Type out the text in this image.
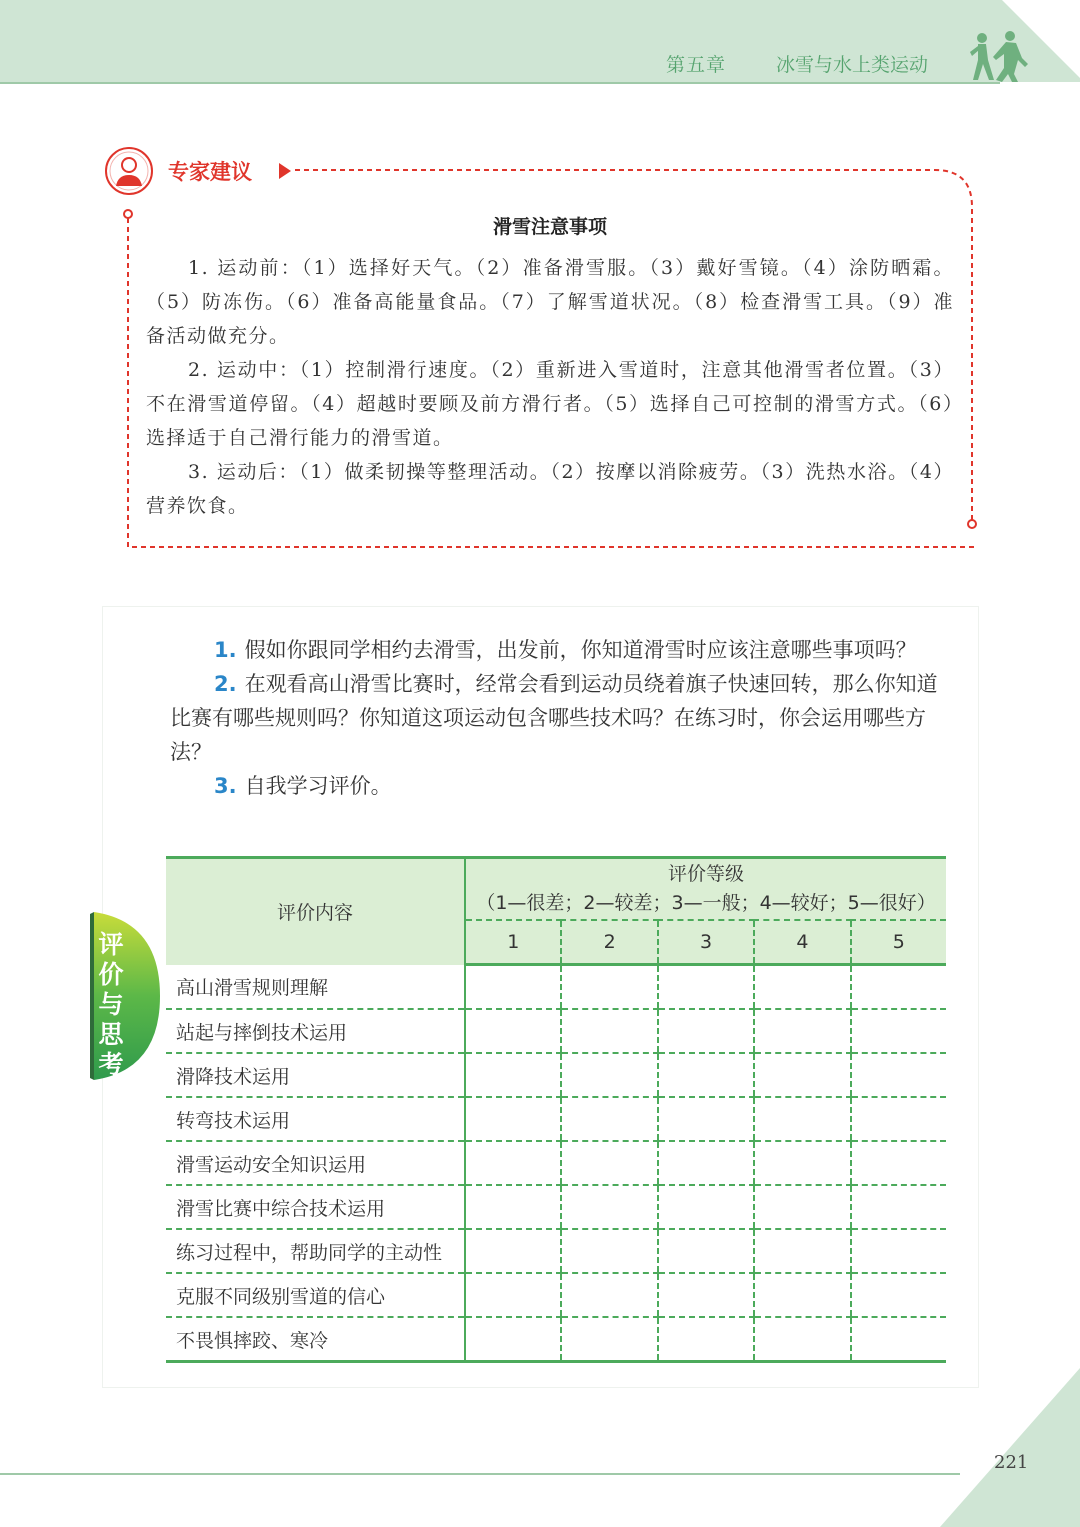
第五章	冰雪与水上类运动
专家建议
滑雪注意事项

1. 运动前：（1）选择好天气。（2）准备滑雪服。（3）戴好雪镜。（4）涂防晒霜。（5）防冻伤。（6）准备高能量食品。（7）了解雪道状况。（8）检查滑雪工具。（9）准备活动做充分。

2. 运动中：（1）控制滑行速度。（2）重新进入雪道时，注意其他滑雪者位置。（3）不在滑雪道停留。（4）超越时要顾及前方滑行者。（5）选择自己可控制的滑雪方式。（6）选择适于自己滑行能力的滑雪道。

3. 运动后：（1）做柔韧操等整理活动。（2）按摩以消除疲劳。（3）洗热水浴。（4）营养饮食。

1. 假如你跟同学相约去滑雪，出发前，你知道滑雪时应该注意哪些事项吗？

2. 在观看高山滑雪比赛时，经常会看到运动员绕着旗子快速回转，那么你知道比赛有哪些规则吗？你知道这项运动包含哪些技术吗？在练习时，你会运用哪些方法？

3. 自我学习评价。

评价与思考
评价内容	评价等级
（1—很差；2—较差；3—一般；4—较好；5—很好）				

	1	2	3	4	5
高山滑雪规则理解					
站起与摔倒技术运用					
滑降技术运用					
转弯技术运用					
滑雪运动安全知识运用					
滑雪比赛中综合技术运用					
练习过程中，帮助同学的主动性					
克服不同级别雪道的信心					
不畏惧摔跤、寒冷					
221
